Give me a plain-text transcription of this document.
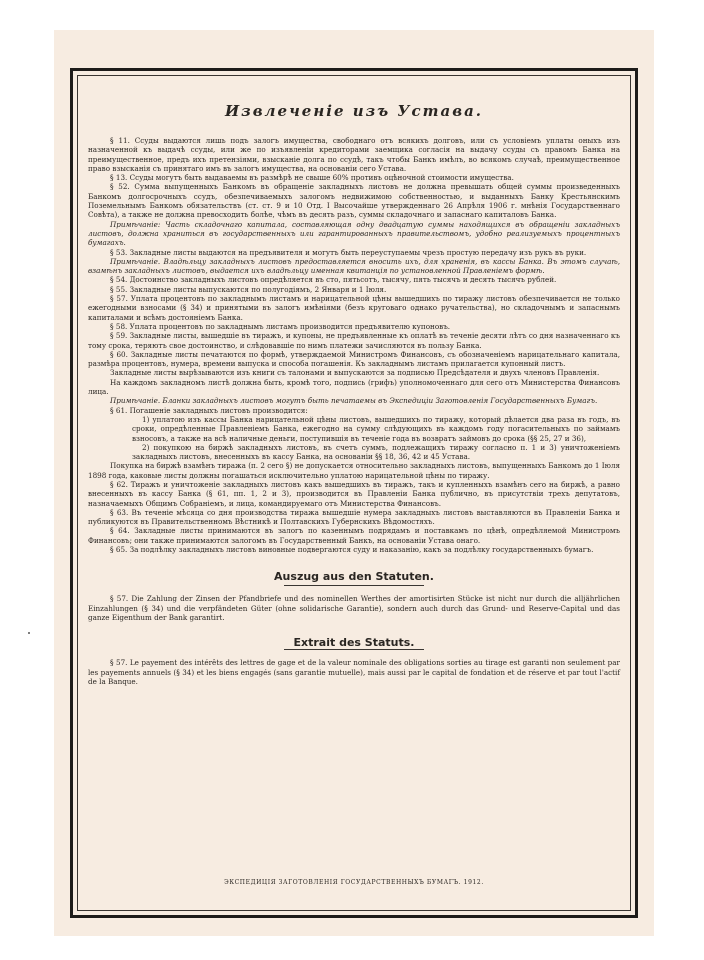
Извлеченіе изъ Устава.

§ 11. Ссуды выдаются лишь подъ залогъ имущества, свободнаго отъ всякихъ долговъ, или съ условіемъ уплаты оныхъ изъ назначенной къ выдачѣ ссуды, или же по изъявленіи кредиторами заемщика согласія на выдачу ссуды съ правомъ Банка на преимущественное, предъ ихъ претензіями, взысканіе долга по ссудѣ, такъ чтобы Банкъ имѣлъ, во всякомъ случаѣ, преимущественное право взысканія съ принятаго имъ въ залогъ имущества, на основаніи сего Устава.

§ 13. Ссуды могутъ быть выдаваемы въ размѣрѣ не свыше 60% противъ оцѣночной стоимости имущества.

§ 52. Сумма выпущенныхъ Банкомъ въ обращеніе закладныхъ листовъ не должна превышать общей суммы произведенныхъ Банкомъ долгосрочныхъ ссудъ, обезпечиваемыхъ залогомъ недвижимою собственностью, и выданныхъ Банку Крестьянскимъ Поземельнымъ Банкомъ обязательствъ (ст. ст. 9 и 10 Отд. I Высочайше утвержденнаго 26 Апрѣля 1906 г. мнѣнія Государственнаго Совѣта), а также не должна превосходить болѣе, чѣмъ въ десять разъ, суммы складочнаго и запаснаго капиталовъ Банка.

Примѣчаніе: Часть складочнаго капитала, составляющая одну двадцатую суммы находящихся въ обращеніи закладныхъ листовъ, должна храниться въ государственныхъ или гарантированныхъ правительствомъ, удобно реализуемыхъ процентныхъ бумагахъ.

§ 53. Закладные листы выдаются на предъявителя и могутъ быть переуступаемы чрезъ простую передачу изъ рукъ въ руки.

Примѣчаніе. Владѣльцу закладныхъ листовъ предоставляется вносить ихъ, для храненія, въ кассы Банка. Въ этомъ случаѣ, взамѣнъ закладныхъ листовъ, выдается ихъ владѣльцу именная квитанція по установленной Правленіемъ формѣ.

§ 54. Достоинство закладныхъ листовъ опредѣляется въ сто, пятьсотъ, тысячу, пять тысячъ и десять тысячъ рублей.

§ 55. Закладные листы выпускаются по полугодіямъ, 2 Января и 1 Іюля.

§ 57. Уплата процентовъ по закладнымъ листамъ и нарицательной цѣны вышедшихъ по тиражу листовъ обезпечивается не только ежегодными взносами (§ 34) и принятыми въ залогъ имѣніями (безъ круговаго однако ручательства), но складочнымъ и запаснымъ капиталами и всѣмъ достояніемъ Банка.

§ 58. Уплата процентовъ по закладнымъ листамъ производится предъявителю купоновъ.

§ 59. Закладные листы, вышедшіе въ тиражъ, и купоны, не предъявленные къ оплатѣ въ теченіе десяти лѣтъ со дня назначеннаго къ тому срока, теряютъ свое достоинство, и слѣдовавшіе по нимъ платежи зачисляются въ пользу Банка.

§ 60. Закладные листы печатаются по формѣ, утверждаемой Министромъ Финансовъ, съ обозначеніемъ нарицательнаго капитала, размѣра процентовъ, нумера, времени выпуска и способа погашенія. Къ закладнымъ листамъ прилагается купонный листъ.

Закладные листы вырѣзываются изъ книги съ талонами и выпускаются за подписью Предсѣдателя и двухъ членовъ Правленія.

На каждомъ закладномъ листѣ должна быть, кромѣ того, подпись (грифъ) уполномоченнаго для сего отъ Министерства Финансовъ лица.

Примѣчаніе. Бланки закладныхъ листовъ могутъ быть печатаемы въ Экспедиціи Заготовленія Государственныхъ Бумагъ.

§ 61. Погашеніе закладныхъ листовъ производится:

1) уплатою изъ кассы Банка нарицательной цѣны листовъ, вышедшихъ по тиражу, который дѣлается два раза въ годъ, въ сроки, опредѣленные Правленіемъ Банка, ежегодно на сумму слѣдующихъ въ каждомъ году погасительныхъ по займамъ взносовъ, а также на всѣ наличные деньги, поступившія въ теченіе года въ возвратъ займовъ до срока (§§ 25, 27 и 36),

2) покупкою на биржѣ закладныхъ листовъ, въ счетъ суммъ, подлежащихъ тиражу согласно п. 1 и 3) уничтоженіемъ закладныхъ листовъ, внесенныхъ въ кассу Банка, на основаніи §§ 18, 36, 42 и 45 Устава.

Покупка на биржѣ взамѣнъ тиража (п. 2 сего §) не допускается относительно закладныхъ листовъ, выпущенныхъ Банкомъ до 1 Іюля 1898 года, каковые листы должны погашаться исключительно уплатою нарицательной цѣны по тиражу.

§ 62. Тиражъ и уничтоженіе закладныхъ листовъ какъ вышедшихъ въ тиражъ, такъ и купленныхъ взамѣнъ сего на биржѣ, а равно внесенныхъ въ кассу Банка (§ 61, пп. 1, 2 и 3), производится въ Правленіи Банка публично, въ присутствіи трехъ депутатовъ, назначаемыхъ Общимъ Собраніемъ, и лица, командируемаго отъ Министерства Финансовъ.

§ 63. Въ теченіе мѣсяца со дня производства тиража вышедшіе нумера закладныхъ листовъ выставляются въ Правленіи Банка и публикуются въ Правительственномъ Вѣстникѣ и Полтавскихъ Губернскихъ Вѣдомостяхъ.

§ 64. Закладные листы принимаются въ залогъ по казеннымъ подрядамъ и поставкамъ по цѣнѣ, опредѣляемой Министромъ Финансовъ; они также принимаются залогомъ въ Государственный Банкъ, на основаніи Устава онаго.

§ 65. За подлѣлку закладныхъ листовъ виновные подвергаются суду и наказанію, какъ за подлѣлку государственныхъ бумагъ.

Auszug aus den Statuten.

§ 57. Die Zahlung der Zinsen der Pfandbriefe und des nominellen Werthes der amortisirten Stücke ist nicht nur durch die alljährlichen Einzahlungen (§ 34) und die verpfändeten Güter (ohne solidarische Garantie), sondern auch durch das Grund- und Reserve-Capital und das ganze Eigenthum der Bank garantirt.

Extrait des Statuts.

§ 57. Le payement des intérêts des lettres de gage et de la valeur nominale des obligations sorties au tirage est garanti non seulement par les payements annuels (§ 34) et les biens engagés (sans garantie mutuelle), mais aussi par le capital de fondation et de réserve et par tout l'actif de la Banque.

ЭКСПЕДИЦІЯ ЗАГОТОВЛЕНІЯ ГОСУДАРСТВЕННЫХЪ БУМАГЪ. 1912.
